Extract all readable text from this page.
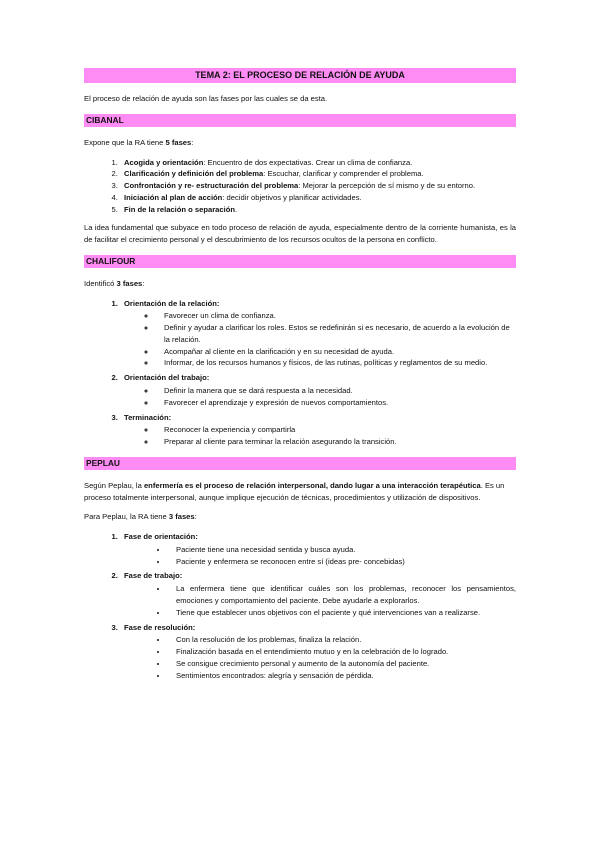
TEMA 2: EL PROCESO DE RELACIÓN DE AYUDA

El proceso de relación de ayuda son las fases por las cuales se da esta.

CIBANAL

Expone que la RA tiene 5 fases:

1. Acogida y orientación: Encuentro de dos expectativas. Crear un clima de confianza.
2. Clarificación y definición del problema: Escuchar, clarificar y comprender el problema.
3. Confrontación y re- estructuración del problema: Mejorar la percepción de sí mismo y de su entorno.
4. Iniciación al plan de acción: decidir objetivos y planificar actividades.
5. Fin de la relación o separación.

La idea fundamental que subyace en todo proceso de relación de ayuda, especialmente dentro de la corriente humanista, es la de facilitar el crecimiento personal y el descubrimiento de los recursos ocultos de la persona en conflicto.

CHALIFOUR

Identificó 3 fases:

1. Orientación de la relación:
◦ Favorecer un clima de confianza.
◦ Definir y ayudar a clarificar los roles. Estos se redefinirán si es necesario, de acuerdo a la evolución de la relación.
◦ Acompañar al cliente en la clarificación y en su necesidad de ayuda.
◦ Informar, de los recursos humanos y físicos, de las rutinas, políticas y reglamentos de su medio.
2. Orientación del trabajo:
◦ Definir la manera que se dará respuesta a la necesidad.
◦ Favorecer el aprendizaje y expresión de nuevos comportamientos.
3. Terminación:
◦ Reconocer la experiencia y compartirla
◦ Preparar al cliente para terminar la relación asegurando la transición.
PEPLAU

Según Peplau, la enfermería es el proceso de relación interpersonal, dando lugar a una interacción terapéutica. Es un proceso totalmente interpersonal, aunque implique ejecución de técnicas, procedimientos y utilización de dispositivos.

Para Peplau, la RA tiene 3 fases:

1. Fase de orientación:
• Paciente tiene una necesidad sentida y busca ayuda.
• Paciente y enfermera se reconocen entre sí (ideas pre- concebidas)
2. Fase de trabajo:
• La enfermera tiene que identificar cuáles son los problemas, reconocer los pensamientos, emociones y comportamiento del paciente. Debe ayudarle a explorarlos.
• Tiene que establecer unos objetivos con el paciente y qué intervenciones van a realizarse.
3. Fase de resolución:
• Con la resolución de los problemas, finaliza la relación.
• Finalización basada en el entendimiento mutuo y en la celebración de lo logrado.
• Se consigue crecimiento personal y aumento de la autonomía del paciente.
• Sentimientos encontrados: alegría y sensación de pérdida.
